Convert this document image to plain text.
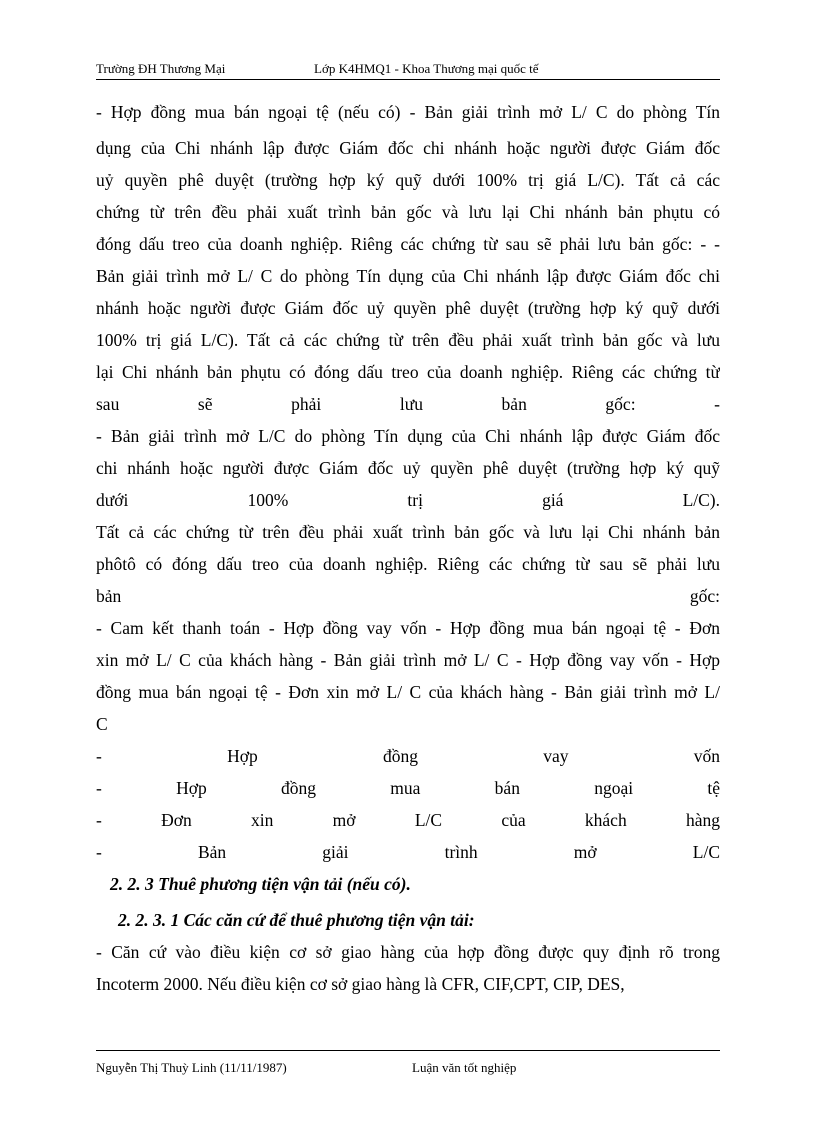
Trường ĐH Thương Mại	Lớp K4HMQ1 - Khoa Thương mại quốc tế
- Hợp đồng mua bán ngoại tệ (nếu có) - Bản giải trình mở L/ C do phòng Tín
dụng của Chi nhánh lập được Giám đốc chi nhánh hoặc người được Giám đốc
uỷ quyền phê duyệt (trường hợp ký quỹ dưới 100% trị giá L/C). Tất cả các
chứng từ trên đều phải xuất trình bản gốc và lưu lại Chi nhánh bản phụtu có
đóng dấu treo của doanh nghiệp. Riêng các chứng từ sau sẽ phải lưu bản gốc: - -
Bản giải trình mở L/ C do phòng Tín dụng của Chi nhánh lập được Giám đốc chi
nhánh hoặc người được Giám đốc uỷ quyền phê duyệt (trường hợp ký quỹ dưới
100% trị giá L/C). Tất cả các chứng từ trên đều phải xuất trình bản gốc và lưu
lại Chi nhánh bản phụtu có đóng dấu treo của doanh nghiệp. Riêng các chứng từ
sau sẽ phải lưu bản gốc: -
- Bản giải trình mở L/C do phòng Tín dụng của Chi nhánh lập được Giám đốc
chi nhánh hoặc người được Giám đốc uỷ quyền phê duyệt (trường hợp ký quỹ
dưới 100% trị giá L/C).
Tất cả các chứng từ trên đều phải xuất trình bản gốc và lưu lại Chi nhánh bản
phôtô có đóng dấu treo của doanh nghiệp. Riêng các chứng từ sau sẽ phải lưu
bản gốc:
- Cam kết thanh toán - Hợp đồng vay vốn - Hợp đồng mua bán ngoại tệ - Đơn
xin mở L/ C của khách hàng - Bản giải trình mở L/ C - Hợp đồng vay vốn - Hợp
đồng mua bán ngoại tệ - Đơn xin mở L/ C của khách hàng - Bản giải trình mở L/
C
- Hợp đồng vay vốn
- Hợp đồng mua bán ngoại tệ
- Đơn xin mở L/C của khách hàng
- Bản giải trình mở L/C
2. 2. 3 Thuê phương tiện vận tải (nếu có).
2. 2. 3. 1 Các căn cứ để thuê phương tiện vận tải:
- Căn cứ vào điều kiện cơ sở giao hàng của hợp đồng được quy định rõ trong
Incoterm 2000. Nếu điều kiện cơ sở giao hàng là CFR, CIF,CPT, CIP, DES,
Nguyễn Thị Thuỳ Linh (11/11/1987)	Luận văn tốt nghiệp
